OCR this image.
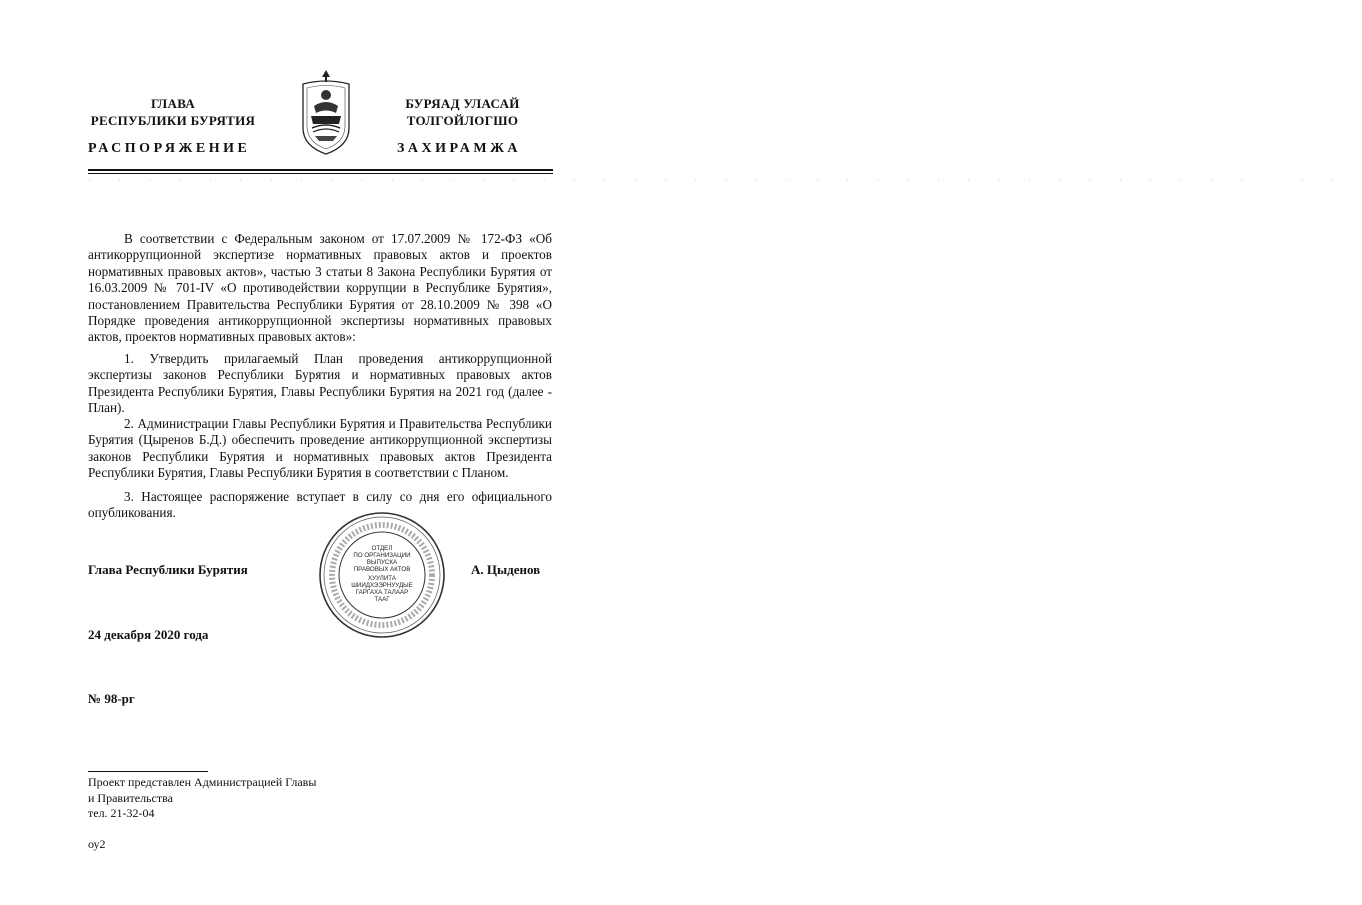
ГЛАВА
РЕСПУБЛИКИ БУРЯТИЯ
БУРЯАД УЛАСАЙ
ТОЛГОЙЛОГШО
РАСПОРЯЖЕНИЕ	ЗАХИРАМЖА
··········································

В соответствии с Федеральным законом от 17.07.2009 № 172-ФЗ «Об антикоррупционной экспертизе нормативных правовых актов и проектов нормативных правовых актов», частью 3 статьи 8 Закона Республики Бурятия от 16.03.2009 № 701-IV «О противодействии коррупции в Республике Бурятия», постановлением Правительства Республики Бурятия от 28.10.2009 № 398 «О Порядке проведения антикоррупционной экспертизы нормативных правовых актов, проектов нормативных правовых актов»:

1. Утвердить прилагаемый План проведения антикоррупционной экспертизы законов Республики Бурятия и нормативных правовых актов Президента Республики Бурятия, Главы Республики Бурятия на 2021 год (далее - План).

2. Администрации Главы Республики Бурятия и Правительства Республики Бурятия (Цыренов Б.Д.) обеспечить проведение антикоррупционной экспертизы законов Республики Бурятия и нормативных правовых актов Президента Республики Бурятия, Главы Республики Бурятия в соответствии с Планом.

3. Настоящее распоряжение вступает в силу со дня его официального опубликования.

ОТДЕЛ
ПО ОРГАНИЗАЦИИ
ВЫПУСКА
ПРАВОВЫХ АКТОВ
ХУУЛИТА
ШИИДХЭЭРНУУДЫЕ
ГАРГАХА ТАЛААР
ТААГ
Глава Республики Бурятия	А. Цыденов
24 декабря 2020 года
№ 98-рг
Проект представлен Администрацией Главы
и Правительства
тел. 21-32-04
оу2
